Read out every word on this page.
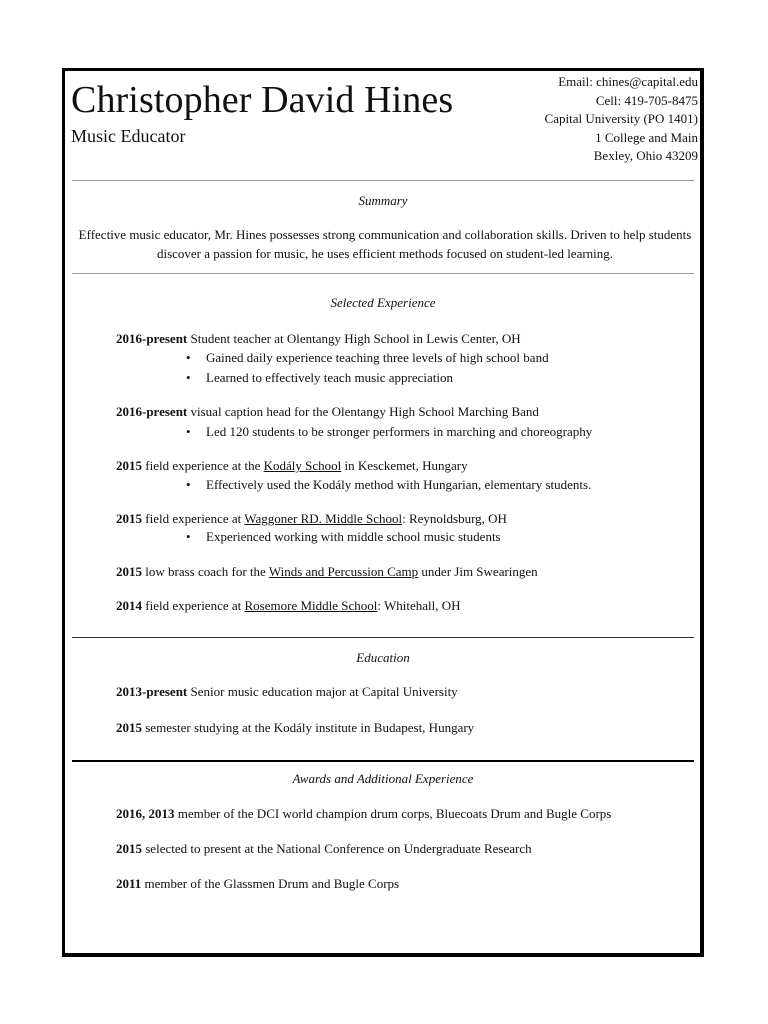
Christopher David Hines
Music Educator
Email: chines@capital.edu
Cell: 419-705-8475
Capital University (PO 1401)
1 College and Main
Bexley, Ohio 43209
Summary
Effective music educator, Mr. Hines possesses strong communication and collaboration skills. Driven to help students discover a passion for music, he uses efficient methods focused on student-led learning.
Selected Experience
2016-present Student teacher at Olentangy High School in Lewis Center, OH
• Gained daily experience teaching three levels of high school band
• Learned to effectively teach music appreciation
2016-present visual caption head for the Olentangy High School Marching Band
• Led 120 students to be stronger performers in marching and choreography
2015 field experience at the Kodály School in Kesckemet, Hungary
• Effectively used the Kodály method with Hungarian, elementary students.
2015 field experience at Waggoner RD. Middle School: Reynoldsburg, OH
• Experienced working with middle school music students
2015 low brass coach for the Winds and Percussion Camp under Jim Swearingen
2014 field experience at Rosemore Middle School: Whitehall, OH
Education
2013-present Senior music education major at Capital University
2015 semester studying at the Kodály institute in Budapest, Hungary
Awards and Additional Experience
2016, 2013 member of the DCI world champion drum corps, Bluecoats Drum and Bugle Corps
2015 selected to present at the National Conference on Undergraduate Research
2011 member of the Glassmen Drum and Bugle Corps
